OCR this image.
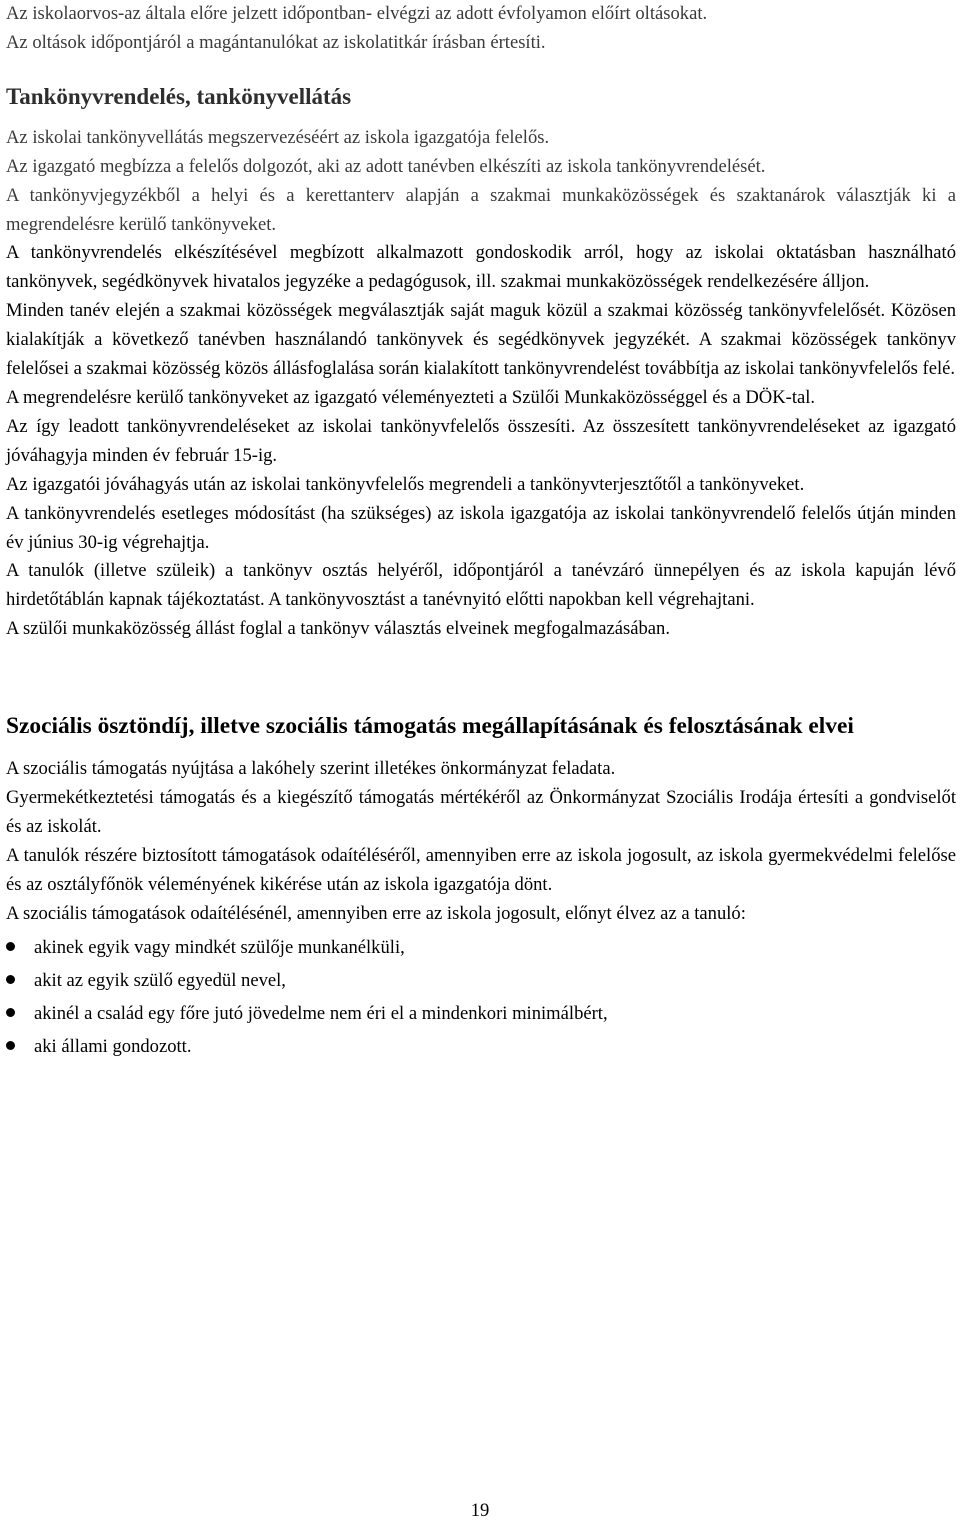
Az iskolaorvos-az általa előre jelzett időpontban- elvégzi az adott évfolyamon előírt oltásokat.

Az oltások időpontjáról a magántanulókat az iskolatitkár írásban értesíti.

Tankönyvrendelés, tankönyvellátás

Az iskolai tankönyvellátás megszervezéséért az iskola igazgatója felelős.

Az igazgató megbízza a felelős dolgozót, aki az adott tanévben elkészíti az iskola tankönyvrendelését.

A tankönyvjegyzékből a helyi és a kerettanterv alapján a szakmai munkaközösségek és szaktanárok választják ki a megrendelésre kerülő tankönyveket.

A tankönyvrendelés elkészítésével megbízott alkalmazott gondoskodik arról, hogy az iskolai oktatásban használható tankönyvek, segédkönyvek hivatalos jegyzéke a pedagógusok, ill. szakmai munkaközösségek rendelkezésére álljon.

Minden tanév elején a szakmai közösségek megválasztják saját maguk közül a szakmai közösség tankönyvfelelősét. Közösen kialakítják a következő tanévben használandó tankönyvek és segédkönyvek jegyzékét. A szakmai közösségek tankönyv felelősei a szakmai közösség közös állásfoglalása során kialakított tankönyvrendelést továbbítja az iskolai tankönyvfelelős felé.

A megrendelésre kerülő tankönyveket az igazgató véleményezteti a Szülői Munkaközösséggel és a DÖK-tal.

Az így leadott tankönyvrendeléseket az iskolai tankönyvfelelős összesíti. Az összesített tankönyvrendeléseket az igazgató jóváhagyja minden év február 15-ig.

Az igazgatói jóváhagyás után az iskolai tankönyvfelelős megrendeli a tankönyvterjesztőtől a tankönyveket.

A tankönyvrendelés esetleges módosítást (ha szükséges) az iskola igazgatója az iskolai tankönyvrendelő felelős útján minden év június 30-ig végrehajtja.

A tanulók (illetve szüleik) a tankönyv osztás helyéről, időpontjáról a tanévzáró ünnepélyen és az iskola kapuján lévő hirdetőtáblán kapnak tájékoztatást. A tankönyvosztást a tanévnyitó előtti napokban kell végrehajtani.

A szülői munkaközösség állást foglal a tankönyv választás elveinek megfogalmazásában.

Szociális ösztöndíj, illetve szociális támogatás megállapításának és felosztásának elvei

A szociális támogatás nyújtása a lakóhely szerint illetékes önkormányzat feladata.

Gyermekétkeztetési támogatás és a kiegészítő támogatás mértékéről az Önkormányzat Szociális Irodája értesíti a gondviselőt és az iskolát.

A tanulók részére biztosított támogatások odaítéléséről, amennyiben erre az iskola jogosult, az iskola gyermekvédelmi felelőse és az osztályfőnök véleményének kikérése után az iskola igazgatója dönt.

A szociális támogatások odaítélésénél, amennyiben erre az iskola jogosult, előnyt élvez az a tanuló:

akinek egyik vagy mindkét szülője munkanélküli,
akit az egyik szülő egyedül nevel,
akinél a család egy főre jutó jövedelme nem éri el a mindenkori minimálbért,
aki állami gondozott.
19
